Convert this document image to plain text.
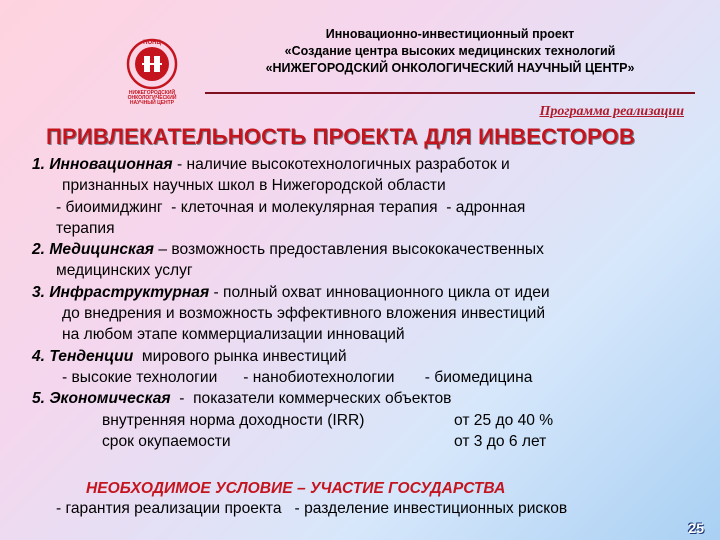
НОНЦ
НИЖЕГОРОДСКИЙ
ОНКОЛОГИЧЕСКИЙ
НАУЧНЫЙ ЦЕНТР
Инновационно-инвестиционный проект
«Создание центра высоких медицинских технологий
«НИЖЕГОРОДСКИЙ ОНКОЛОГИЧЕСКИЙ НАУЧНЫЙ ЦЕНТР»
Программа реализации
ПРИВЛЕКАТЕЛЬНОСТЬ ПРОЕКТА ДЛЯ ИНВЕСТОРОВ
1. Инновационная - наличие высокотехнологичных разработок и
признанных научных школ в Нижегородской области
- биоимиджинг  - клеточная и молекулярная терапия  - адронная
терапия
2. Медицинская – возможность предоставления высококачественных
медицинских услуг
3. Инфраструктурная - полный охват инновационного цикла от идеи
до внедрения и возможность эффективного вложения инвестиций
на любом этапе коммерциализации инноваций
4. Тенденции  мирового рынка инвестиций
- высокие технологии      - нанобиотехнологии       - биомедицина
5. Экономическая  -  показатели коммерческих объектов
внутренняя норма доходности (IRR)	от 25 до 40 %
срок окупаемости	от 3 до 6 лет
НЕОБХОДИМОЕ УСЛОВИЕ – УЧАСТИЕ ГОСУДАРСТВА
- гарантия реализации проекта   - разделение инвестиционных рисков
25
